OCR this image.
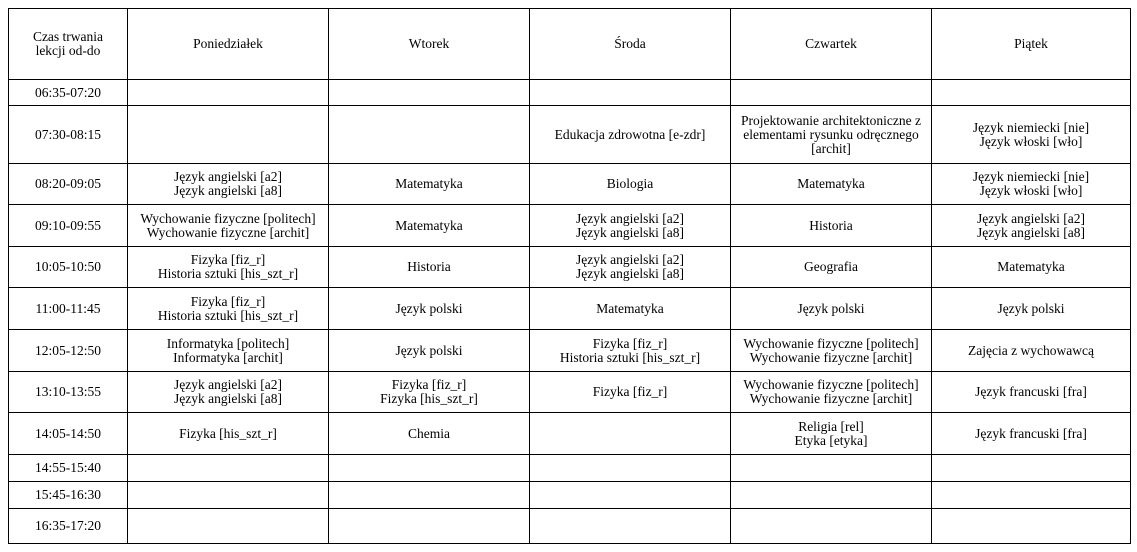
Czas trwania
lekcji od-do	Poniedziałek	Wtorek	Środa	Czwartek	Piątek
06:35-07:20					
07:30-08:15			Edukacja zdrowotna [e-zdr]	Projektowanie architektoniczne z elementami rysunku odręcznego [archit]	Język niemiecki [nie]
Język włoski [wło]

08:20-09:05	Język angielski [a2]
Język angielski [a8]	Matematyka	Biologia	Matematyka	Język niemiecki [nie]
Język włoski [wło]

09:10-09:55	Wychowanie fizyczne [politech]
Wychowanie fizyczne [archit]	Matematyka	Język angielski [a2]
Język angielski [a8]	Historia	Język angielski [a2]
Język angielski [a8]

10:05-10:50	Fizyka [fiz_r]
Historia sztuki [his_szt_r]	Historia	Język angielski [a2]
Język angielski [a8]	Geografia	Matematyka

11:00-11:45	Fizyka [fiz_r]
Historia sztuki [his_szt_r]	Język polski	Matematyka	Język polski	Język polski

12:05-12:50	Informatyka [politech]
Informatyka [archit]	Język polski	Fizyka [fiz_r]
Historia sztuki [his_szt_r]	Wychowanie fizyczne [politech]
Wychowanie fizyczne [archit]	Zajęcia z wychowawcą

13:10-13:55	Język angielski [a2]
Język angielski [a8]	Fizyka [fiz_r]
Fizyka [his_szt_r]	Fizyka [fiz_r]	Wychowanie fizyczne [politech]
Wychowanie fizyczne [archit]	Język francuski [fra]

14:05-14:50	Fizyka [his_szt_r]	Chemia		Religia [rel]
Etyka [etyka]	Język francuski [fra]

14:55-15:40					
15:45-16:30					
16:35-17:20					
